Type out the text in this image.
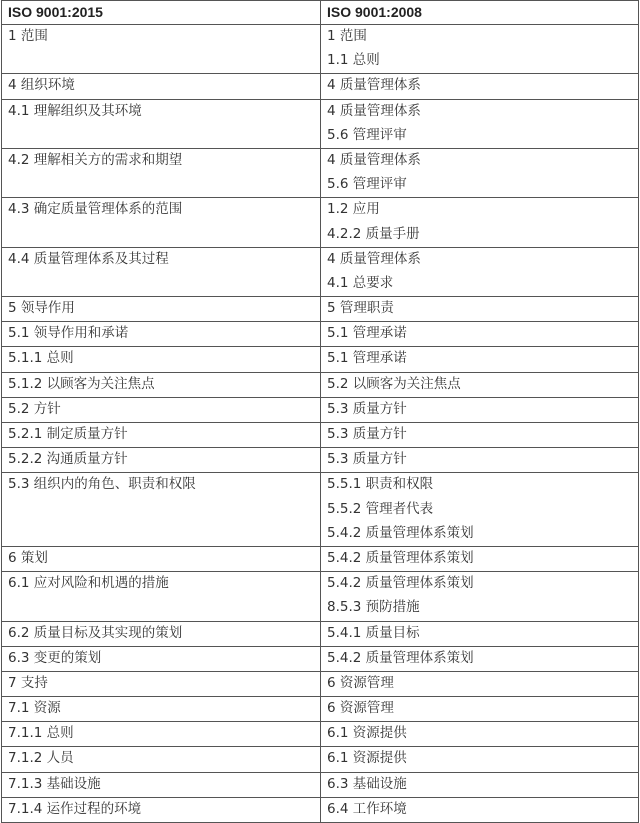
ISO 9001:2015	ISO 9001:2008

1 范围	1 范围
1.1 总则

4 组织环境	4 质量管理体系

4.1 理解组织及其环境	4 质量管理体系
5.6 管理评审

4.2 理解相关方的需求和期望	4 质量管理体系
5.6 管理评审

4.3 确定质量管理体系的范围	1.2 应用
4.2.2 质量手册

4.4 质量管理体系及其过程	4 质量管理体系
4.1 总要求

5 领导作用	5 管理职责

5.1 领导作用和承诺	5.1 管理承诺

5.1.1 总则	5.1 管理承诺

5.1.2 以顾客为关注焦点	5.2 以顾客为关注焦点

5.2 方针	5.3 质量方针

5.2.1 制定质量方针	5.3 质量方针

5.2.2 沟通质量方针	5.3 质量方针

5.3 组织内的角色、职责和权限	5.5.1 职责和权限
5.5.2 管理者代表
5.4.2 质量管理体系策划

6 策划	5.4.2 质量管理体系策划

6.1 应对风险和机遇的措施	5.4.2 质量管理体系策划
8.5.3 预防措施

6.2 质量目标及其实现的策划	5.4.1 质量目标

6.3 变更的策划	5.4.2 质量管理体系策划

7 支持	6 资源管理

7.1 资源	6 资源管理

7.1.1 总则	6.1 资源提供

7.1.2 人员	6.1 资源提供

7.1.3 基础设施	6.3 基础设施

7.1.4 运作过程的环境	6.4 工作环境
